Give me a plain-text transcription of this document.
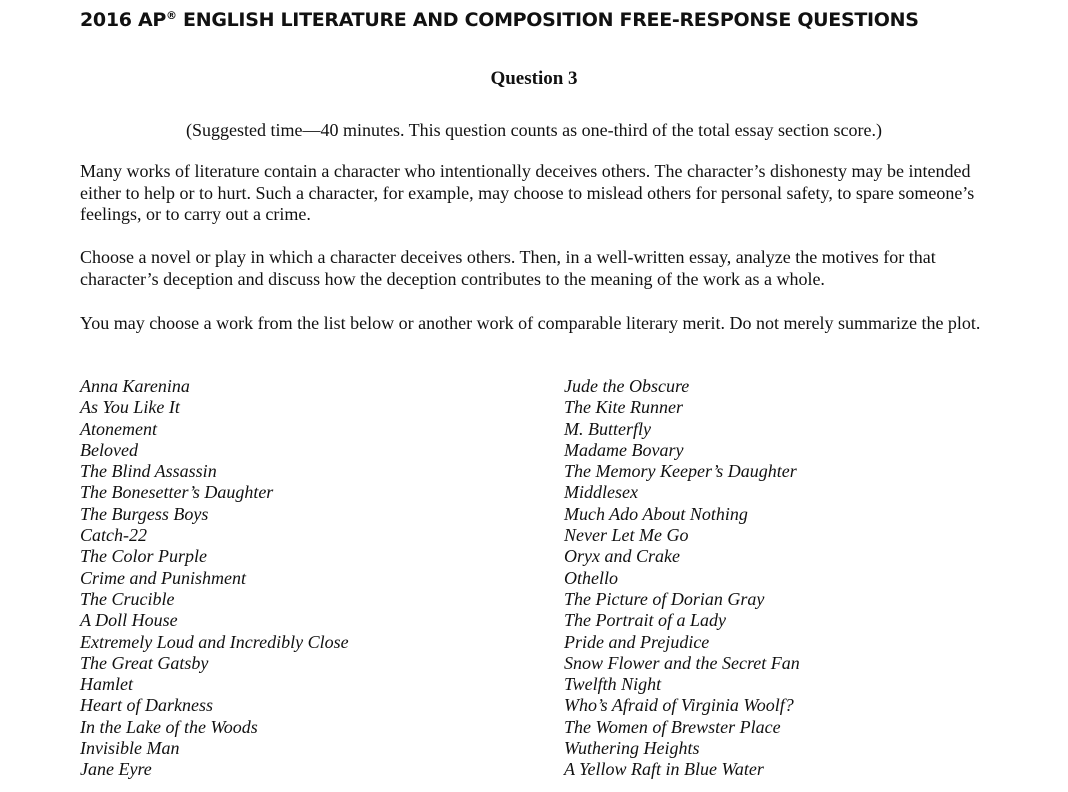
2016 AP® ENGLISH LITERATURE AND COMPOSITION FREE-RESPONSE QUESTIONS
Question 3
(Suggested time—40 minutes. This question counts as one-third of the total essay section score.)
Many works of literature contain a character who intentionally deceives others. The character’s dishonesty may be intended either to help or to hurt. Such a character, for example, may choose to mislead others for personal safety, to spare someone’s feelings, or to carry out a crime.
Choose a novel or play in which a character deceives others. Then, in a well-written essay, analyze the motives for that character’s deception and discuss how the deception contributes to the meaning of the work as a whole.
You may choose a work from the list below or another work of comparable literary merit. Do not merely summarize the plot.
Anna Karenina
As You Like It
Atonement
Beloved
The Blind Assassin
The Bonesetter’s Daughter
The Burgess Boys
Catch-22
The Color Purple
Crime and Punishment
The Crucible
A Doll House
Extremely Loud and Incredibly Close
The Great Gatsby
Hamlet
Heart of Darkness
In the Lake of the Woods
Invisible Man
Jane Eyre
Jude the Obscure
The Kite Runner
M. Butterfly
Madame Bovary
The Memory Keeper’s Daughter
Middlesex
Much Ado About Nothing
Never Let Me Go
Oryx and Crake
Othello
The Picture of Dorian Gray
The Portrait of a Lady
Pride and Prejudice
Snow Flower and the Secret Fan
Twelfth Night
Who’s Afraid of Virginia Woolf?
The Women of Brewster Place
Wuthering Heights
A Yellow Raft in Blue Water
